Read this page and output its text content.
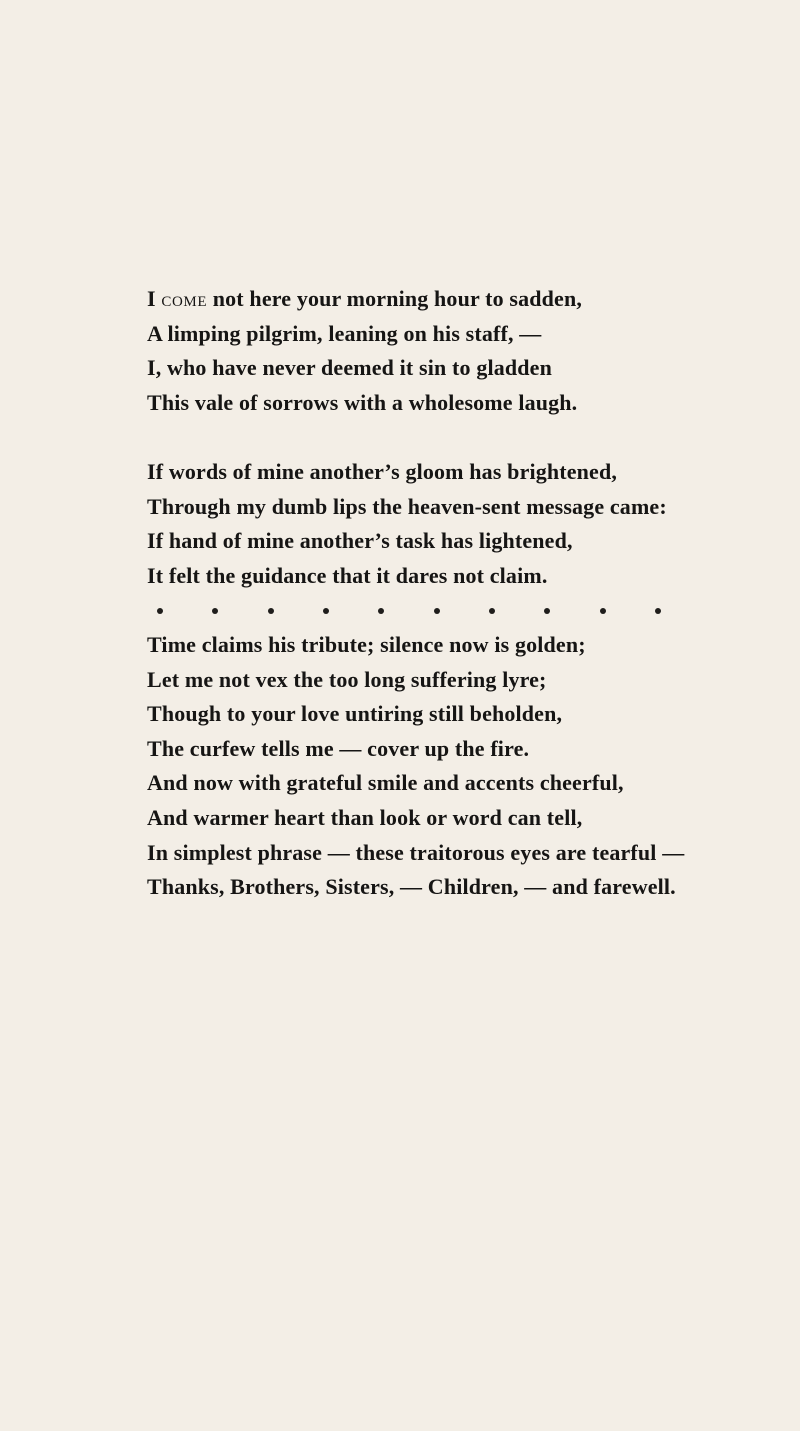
I come not here your morning hour to sadden,
A limping pilgrim, leaning on his staff, —
I, who have never deemed it sin to gladden
This vale of sorrows with a wholesome laugh.
If words of mine another’s gloom has brightened,
Through my dumb lips the heaven-sent message came:
If hand of mine another’s task has lightened,
It felt the guidance that it dares not claim.
Time claims his tribute; silence now is golden;
Let me not vex the too long suffering lyre;
Though to your love untiring still beholden,
The curfew tells me — cover up the fire.
And now with grateful smile and accents cheerful,
And warmer heart than look or word can tell,
In simplest phrase — these traitorous eyes are tearful —
Thanks, Brothers, Sisters, — Children, — and farewell.
